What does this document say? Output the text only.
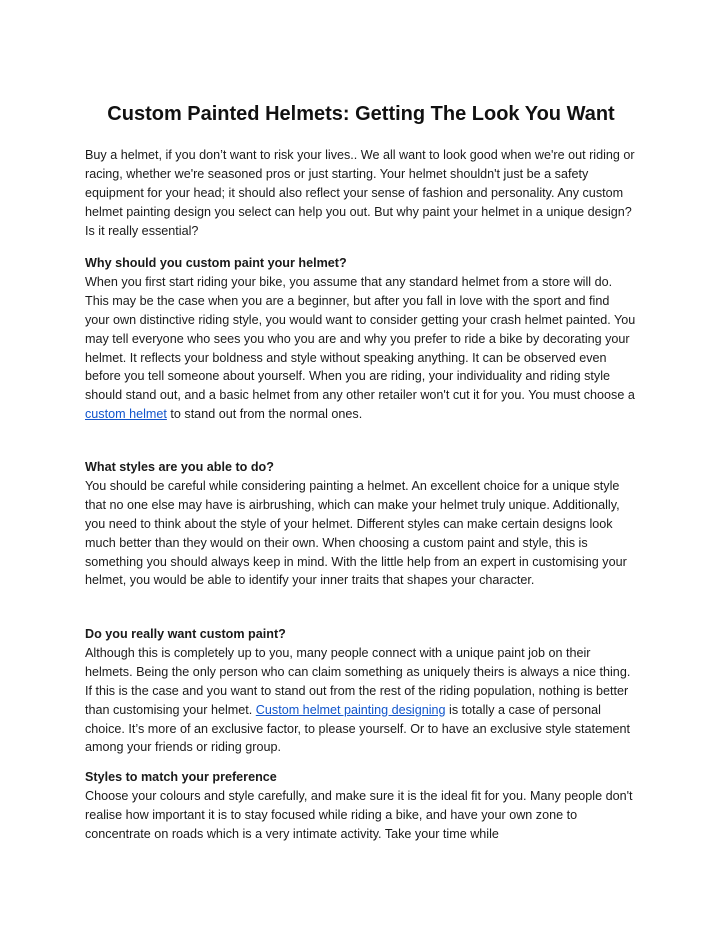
Custom Painted Helmets: Getting The Look You Want

Buy a helmet, if you don’t want to risk your lives.. We all want to look good when we're out riding or racing, whether we're seasoned pros or just starting. Your helmet shouldn't just be a safety equipment for your head; it should also reflect your sense of fashion and personality. Any custom helmet painting design you select can help you out. But why paint your helmet in a unique design? Is it really essential?

Why should you custom paint your helmet?

When you first start riding your bike, you assume that any standard helmet from a store will do. This may be the case when you are a beginner, but after you fall in love with the sport and find your own distinctive riding style, you would want to consider getting your crash helmet painted. You may tell everyone who sees you who you are and why you prefer to ride a bike by decorating your helmet. It reflects your boldness and style without speaking anything. It can be observed even before you tell someone about yourself. When you are riding, your individuality and riding style should stand out, and a basic helmet from any other retailer won't cut it for you. You must choose a custom helmet to stand out from the normal ones.

What styles are you able to do?

You should be careful while considering painting a helmet. An excellent choice for a unique style that no one else may have is airbrushing, which can make your helmet truly unique. Additionally, you need to think about the style of your helmet. Different styles can make certain designs look much better than they would on their own. When choosing a custom paint and style, this is something you should always keep in mind. With the little help from an expert in customising your helmet, you would be able to identify your inner traits that shapes your character.

Do you really want custom paint?

Although this is completely up to you, many people connect with a unique paint job on their helmets. Being the only person who can claim something as uniquely theirs is always a nice thing. If this is the case and you want to stand out from the rest of the riding population, nothing is better than customising your helmet. Custom helmet painting designing is totally a case of personal choice. It’s more of an exclusive factor, to please yourself. Or to have an exclusive style statement among your friends or riding group.

Styles to match your preference

Choose your colours and style carefully, and make sure it is the ideal fit for you. Many people don't realise how important it is to stay focused while riding a bike, and have your own zone to concentrate on roads which is a very intimate activity. Take your time while
